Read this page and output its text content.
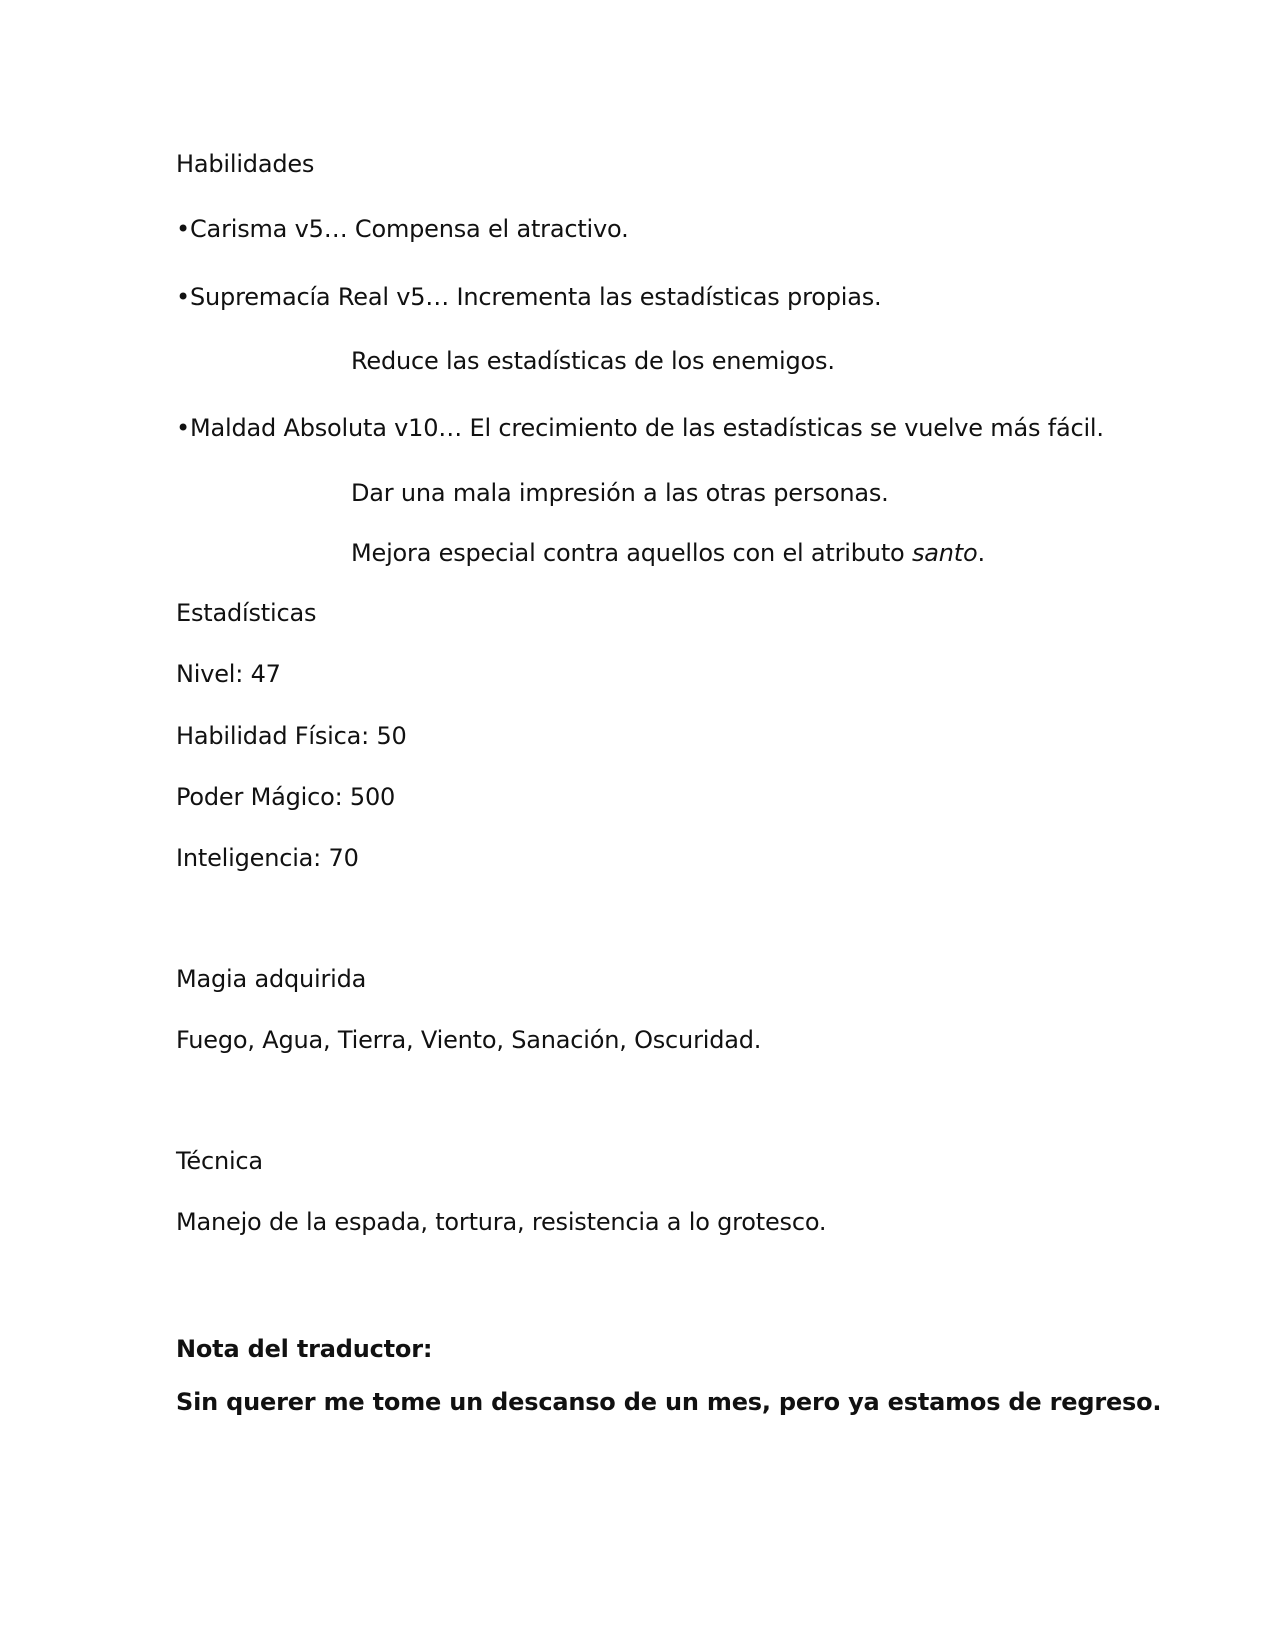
Habilidades
•Carisma v5… Compensa el atractivo.
•Supremacía Real v5… Incrementa las estadísticas propias.
Reduce las estadísticas de los enemigos.
•Maldad Absoluta v10… El crecimiento de las estadísticas se vuelve más fácil.
Dar una mala impresión a las otras personas.
Mejora especial contra aquellos con el atributo santo.
Estadísticas
Nivel: 47
Habilidad Física: 50
Poder Mágico: 500
Inteligencia: 70
Magia adquirida
Fuego, Agua, Tierra, Viento, Sanación, Oscuridad.
Técnica
Manejo de la espada, tortura, resistencia a lo grotesco.
Nota del traductor:
Sin querer me tome un descanso de un mes, pero ya estamos de regreso.
